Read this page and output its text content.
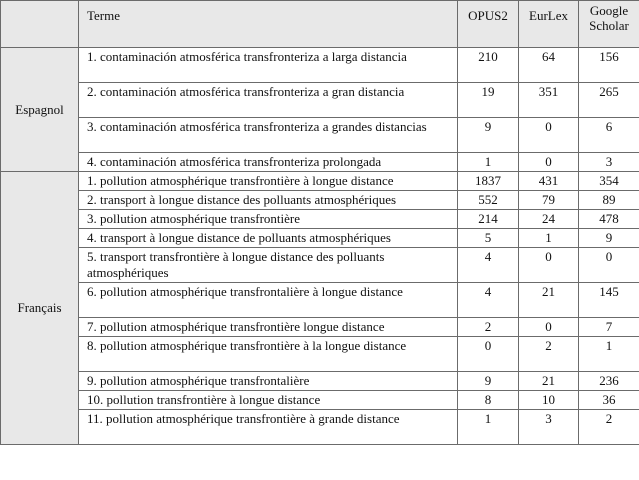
	Terme	OPUS2	EurLex	Google
Scholar
Espagnol	1. contaminación atmosférica transfronteriza a larga distancia	210	64	156
	2. contaminación atmosférica transfronteriza a gran distancia	19	351	265
	3. contaminación atmosférica transfronteriza a grandes distancias	9	0	6
	4. contaminación atmosférica transfronteriza prolongada	1	0	3
Français	1. pollution atmosphérique transfrontière à longue distance	1837	431	354
	2. transport à longue distance des polluants atmosphériques	552	79	89
	3. pollution atmosphérique transfrontière	214	24	478
	4. transport à longue distance de polluants atmosphériques	5	1	9
	5. transport transfrontière à longue distance des polluants atmosphériques	4	0	0
	6. pollution atmosphérique transfrontalière à longue distance	4	21	145
	7. pollution atmosphérique transfrontière longue distance	2	0	7
	8. pollution atmosphérique transfrontière à la longue distance	0	2	1
	9. pollution atmosphérique transfrontalière	9	21	236
	10. pollution transfrontière à longue distance	8	10	36
	11. pollution atmosphérique transfrontière à grande distance	1	3	2
